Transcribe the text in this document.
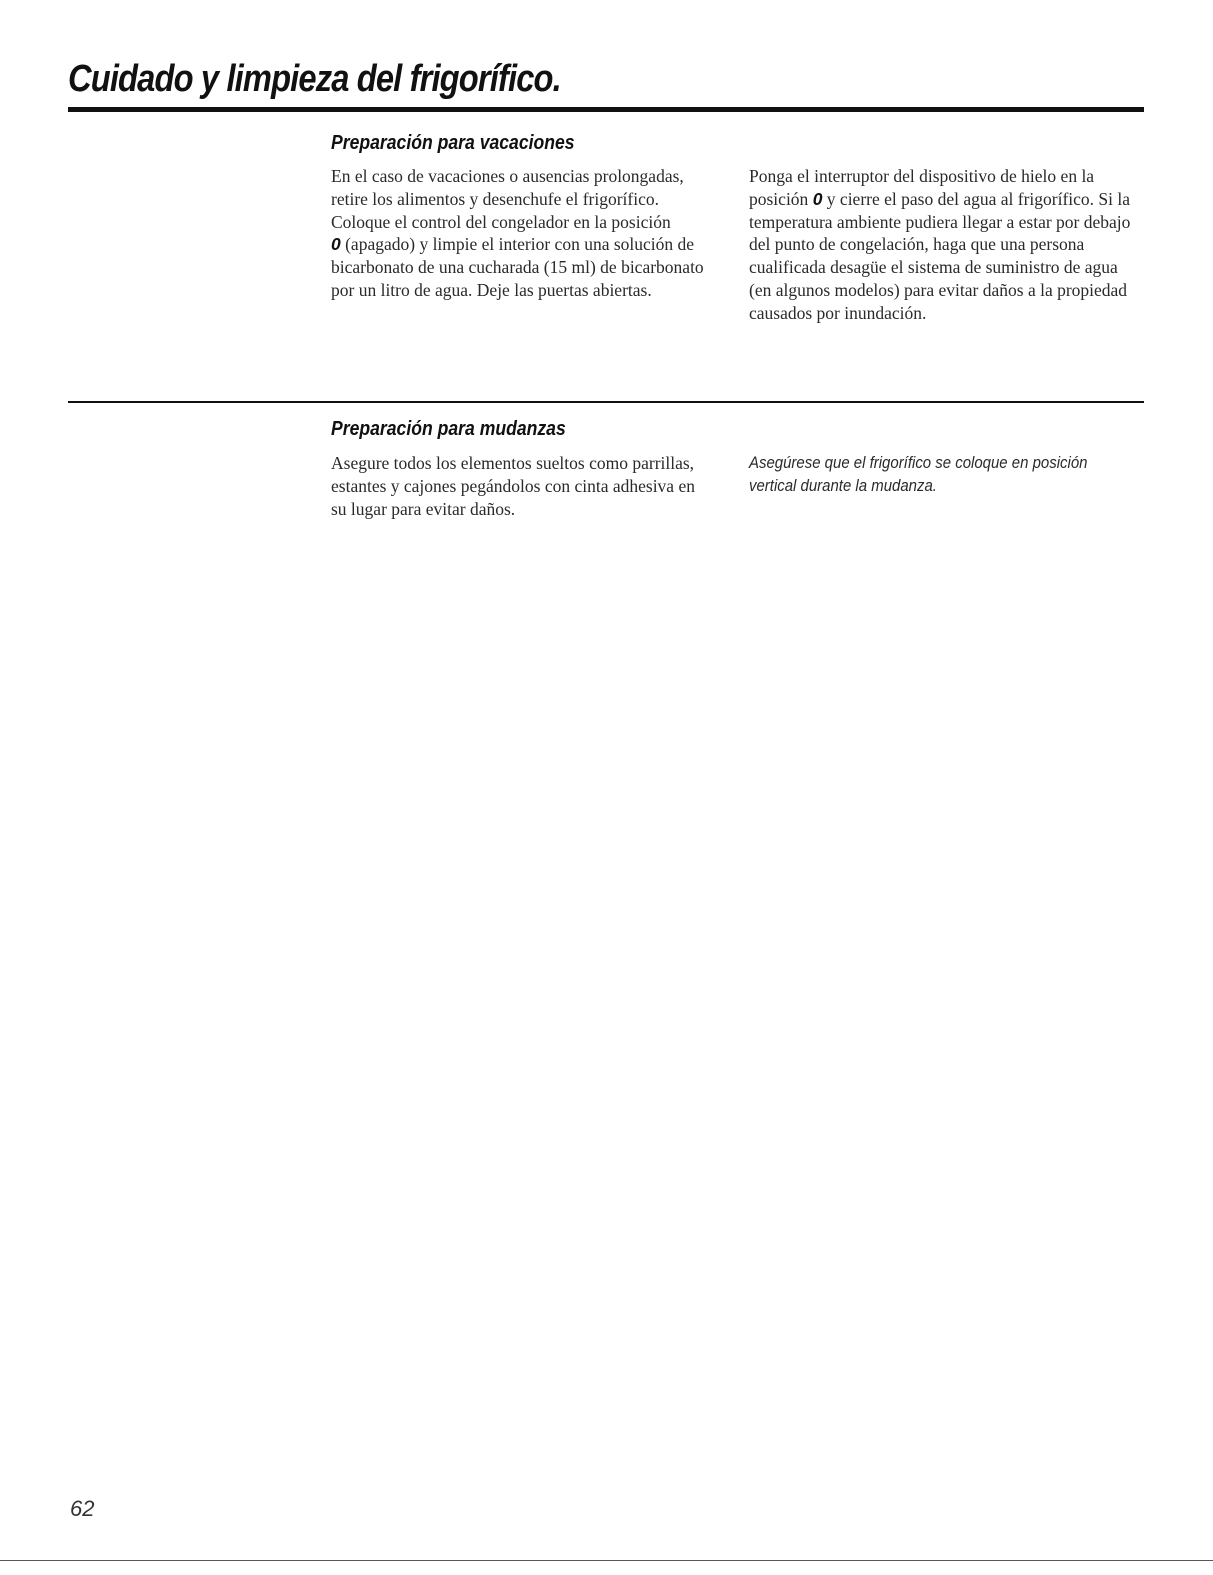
Cuidado y limpieza del frigorífico.
Preparación para vacaciones

En el caso de vacaciones o ausencias prolongadas, retire los alimentos y desenchufe el frigorífico. Coloque el control del congelador en la posición
0 (apagado) y limpie el interior con una solución de bicarbonato de una cucharada (15 ml) de bicarbonato por un litro de agua. Deje las puertas abiertas.

Ponga el interruptor del dispositivo de hielo en la posición 0 y cierre el paso del agua al frigorífico. Si la temperatura ambiente pudiera llegar a estar por debajo del punto de congelación, haga que una persona cualificada desagüe el sistema de suministro de agua (en algunos modelos) para evitar daños a la propiedad causados por inundación.

Preparación para mudanzas

Asegure todos los elementos sueltos como parrillas, estantes y cajones pegándolos con cinta adhesiva en su lugar para evitar daños.

Asegúrese que el frigorífico se coloque en posición vertical durante la mudanza.

62
